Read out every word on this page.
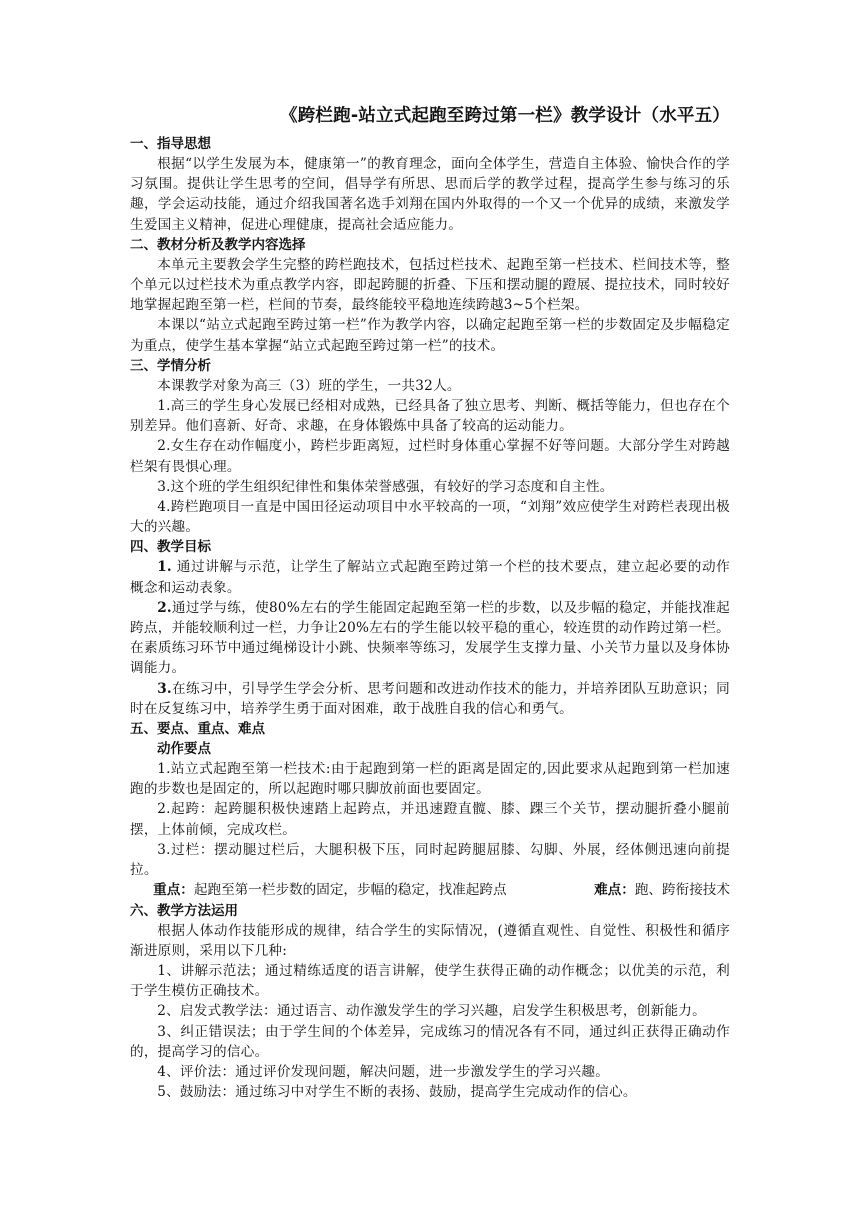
《跨栏跑-站立式起跑至跨过第一栏》教学设计（水平五）

一、指导思想

根据“以学生发展为本，健康第一”的教育理念，面向全体学生，营造自主体验、愉快合作的学习氛围。提供让学生思考的空间，倡导学有所思、思而后学的教学过程，提高学生参与练习的乐趣，学会运动技能，通过介绍我国著名选手刘翔在国内外取得的一个又一个优异的成绩，来激发学生爱国主义精神，促进心理健康，提高社会适应能力。

二、教材分析及教学内容选择

本单元主要教会学生完整的跨栏跑技术，包括过栏技术、起跑至第一栏技术、栏间技术等，整个单元以过栏技术为重点教学内容，即起跨腿的折叠、下压和摆动腿的蹬展、提拉技术，同时较好地掌握起跑至第一栏，栏间的节奏，最终能较平稳地连续跨越3~5个栏架。

本课以“站立式起跑至跨过第一栏”作为教学内容，以确定起跑至第一栏的步数固定及步幅稳定为重点，使学生基本掌握“站立式起跑至跨过第一栏”的技术。

三、学情分析

本课教学对象为高三（3）班的学生，一共32人。

1.高三的学生身心发展已经相对成熟，已经具备了独立思考、判断、概括等能力，但也存在个别差异。他们喜新、好奇、求趣，在身体锻炼中具备了较高的运动能力。

2.女生存在动作幅度小，跨栏步距离短，过栏时身体重心掌握不好等问题。大部分学生对跨越栏架有畏惧心理。

3.这个班的学生组织纪律性和集体荣誉感强，有较好的学习态度和自主性。

4.跨栏跑项目一直是中国田径运动项目中水平较高的一项，“刘翔”效应使学生对跨栏表现出极大的兴趣。

四、教学目标

1. 通过讲解与示范，让学生了解站立式起跑至跨过第一个栏的技术要点，建立起必要的动作概念和运动表象。

2.通过学与练，使80%左右的学生能固定起跑至第一栏的步数，以及步幅的稳定，并能找准起跨点，并能较顺利过一栏，力争让20%左右的学生能以较平稳的重心，较连贯的动作跨过第一栏。在素质练习环节中通过绳梯设计小跳、快频率等练习，发展学生支撑力量、小关节力量以及身体协调能力。

3.在练习中，引导学生学会分析、思考问题和改进动作技术的能力，并培养团队互助意识；同时在反复练习中，培养学生勇于面对困难，敢于战胜自我的信心和勇气。

五、要点、重点、难点
动作要点

1.站立式起跑至第一栏技术:由于起跑到第一栏的距离是固定的,因此要求从起跑到第一栏加速跑的步数也是固定的，所以起跑时哪只脚放前面也要固定。

2.起跨：起跨腿积极快速踏上起跨点，并迅速蹬直髋、膝、踝三个关节，摆动腿折叠小腿前摆，上体前倾，完成攻栏。

3.过栏：摆动腿过栏后，大腿积极下压，同时起跨腿屈膝、勾脚、外展，经体侧迅速向前提拉。

重点：起跑至第一栏步数的固定，步幅的稳定，找准起跨点	难点：跑、跨衔接技术
六、教学方法运用

根据人体动作技能形成的规律，结合学生的实际情况，(遵循直观性、自觉性、积极性和循序渐进原则，采用以下几种:

1、讲解示范法；通过精练适度的语言讲解，使学生获得正确的动作概念；以优美的示范，利于学生模仿正确技术。

2、启发式教学法：通过语言、动作激发学生的学习兴趣，启发学生积极思考，创新能力。

3、纠正错误法；由于学生间的个体差异，完成练习的情况各有不同，通过纠正获得正确动作的，提高学习的信心。

4、评价法：通过评价发现问题，解决问题，进一步激发学生的学习兴趣。

5、鼓励法：通过练习中对学生不断的表扬、鼓励，提高学生完成动作的信心。
